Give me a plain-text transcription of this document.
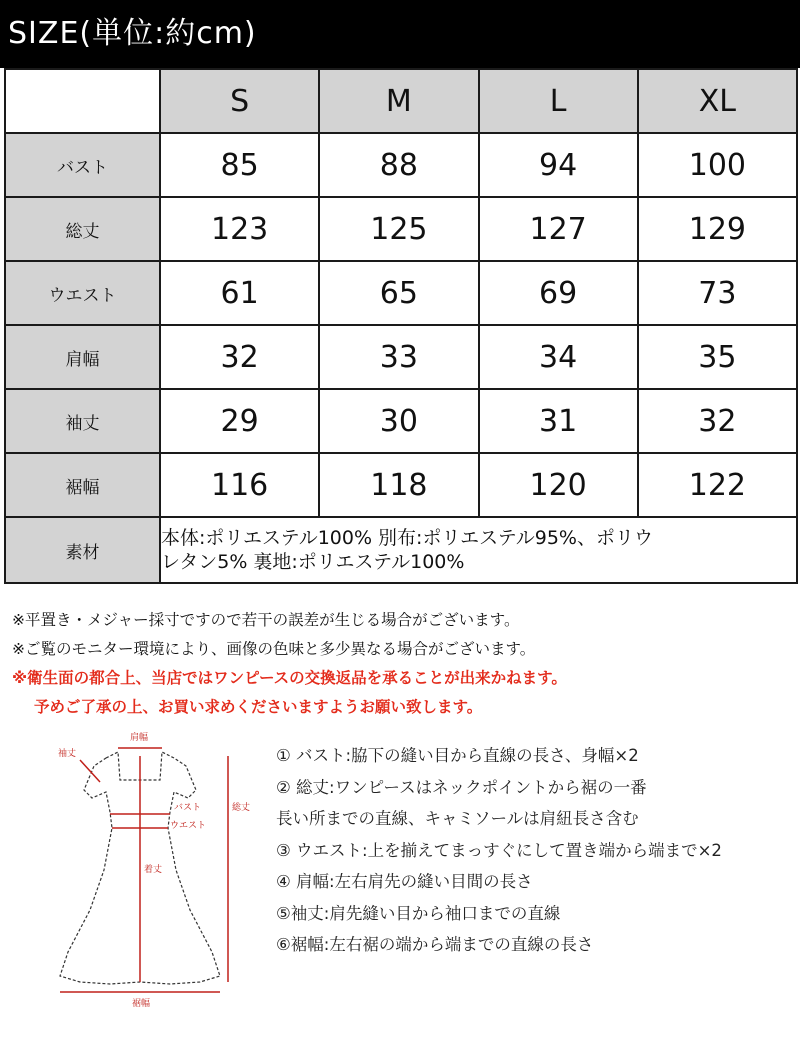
SIZE(単位:約cm)
	S	M	L	XL
バスト	85	88	94	100
総丈	123	125	127	129
ウエスト	61	65	69	73
肩幅	32	33	34	35
袖丈	29	30	31	32
裾幅	116	118	120	122
素材	本体:ポリエステル100% 別布:ポリエステル95%、ポリウ
レタン5% 裏地:ポリエステル100%			
※平置き・メジャー採寸ですので若干の誤差が生じる場合がございます。
※ご覧のモニター環境により、画像の色味と多少異なる場合がございます。
※衛生面の都合上、当店ではワンピースの交換返品を承ることが出来かねます。
予めご了承の上、お買い求めくださいますようお願い致します。
肩幅
袖丈
バスト
ウエスト
着丈
総丈
裾幅
① バスト:脇下の縫い目から直線の長さ、身幅×2
② 総丈:ワンピースはネックポイントから裾の一番
長い所までの直線、キャミソールは肩紐長さ含む
③ ウエスト:上を揃えてまっすぐにして置き端から端まで×2
④ 肩幅:左右肩先の縫い目間の長さ
⑤袖丈:肩先縫い目から袖口までの直線
⑥裾幅:左右裾の端から端までの直線の長さ
